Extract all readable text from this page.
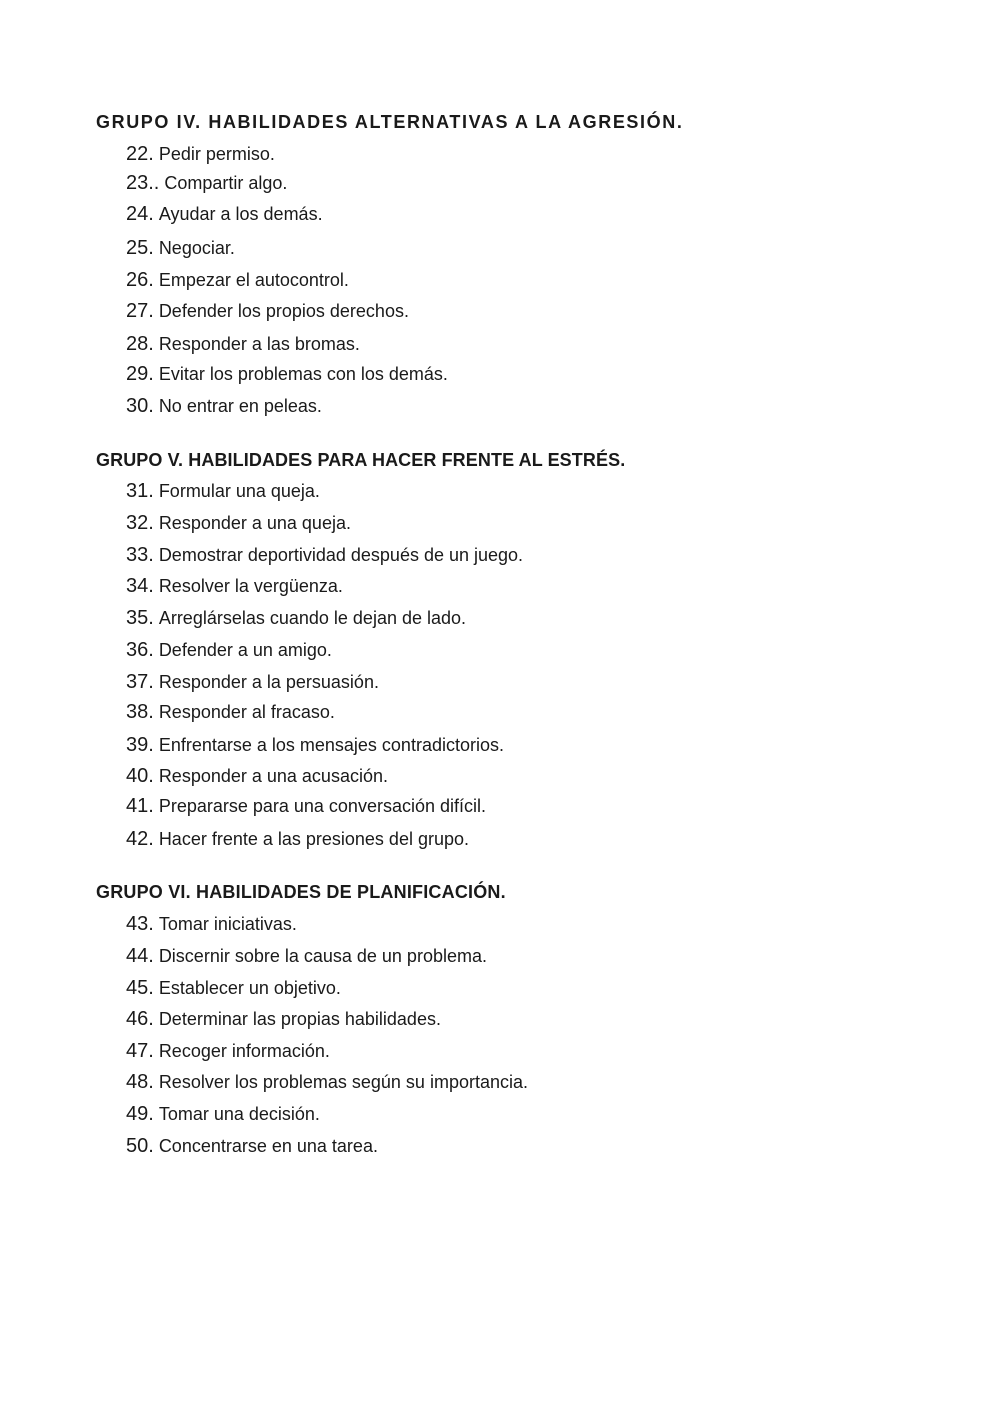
GRUPO IV. HABILIDADES ALTERNATIVAS A LA AGRESIÓN.
22. Pedir permiso.
23.. Compartir algo.
24. Ayudar a los demás.
25. Negociar.
26. Empezar el autocontrol.
27. Defender los propios derechos.
28. Responder a las bromas.
29. Evitar los problemas con los demás.
30. No entrar en peleas.
GRUPO V. HABILIDADES PARA HACER FRENTE AL ESTRÉS.
31. Formular una queja.
32. Responder a una queja.
33. Demostrar deportividad después de un juego.
34. Resolver la vergüenza.
35. Arreglárselas cuando le dejan de lado.
36. Defender a un amigo.
37. Responder a la persuasión.
38. Responder al fracaso.
39. Enfrentarse a los mensajes contradictorios.
40. Responder a una acusación.
41. Prepararse para una conversación difícil.
42. Hacer frente a las presiones del grupo.
GRUPO VI. HABILIDADES DE PLANIFICACIÓN.
43. Tomar iniciativas.
44. Discernir sobre la causa de un problema.
45. Establecer un objetivo.
46. Determinar las propias habilidades.
47. Recoger información.
48. Resolver los problemas según su importancia.
49. Tomar una decisión.
50. Concentrarse en una tarea.
